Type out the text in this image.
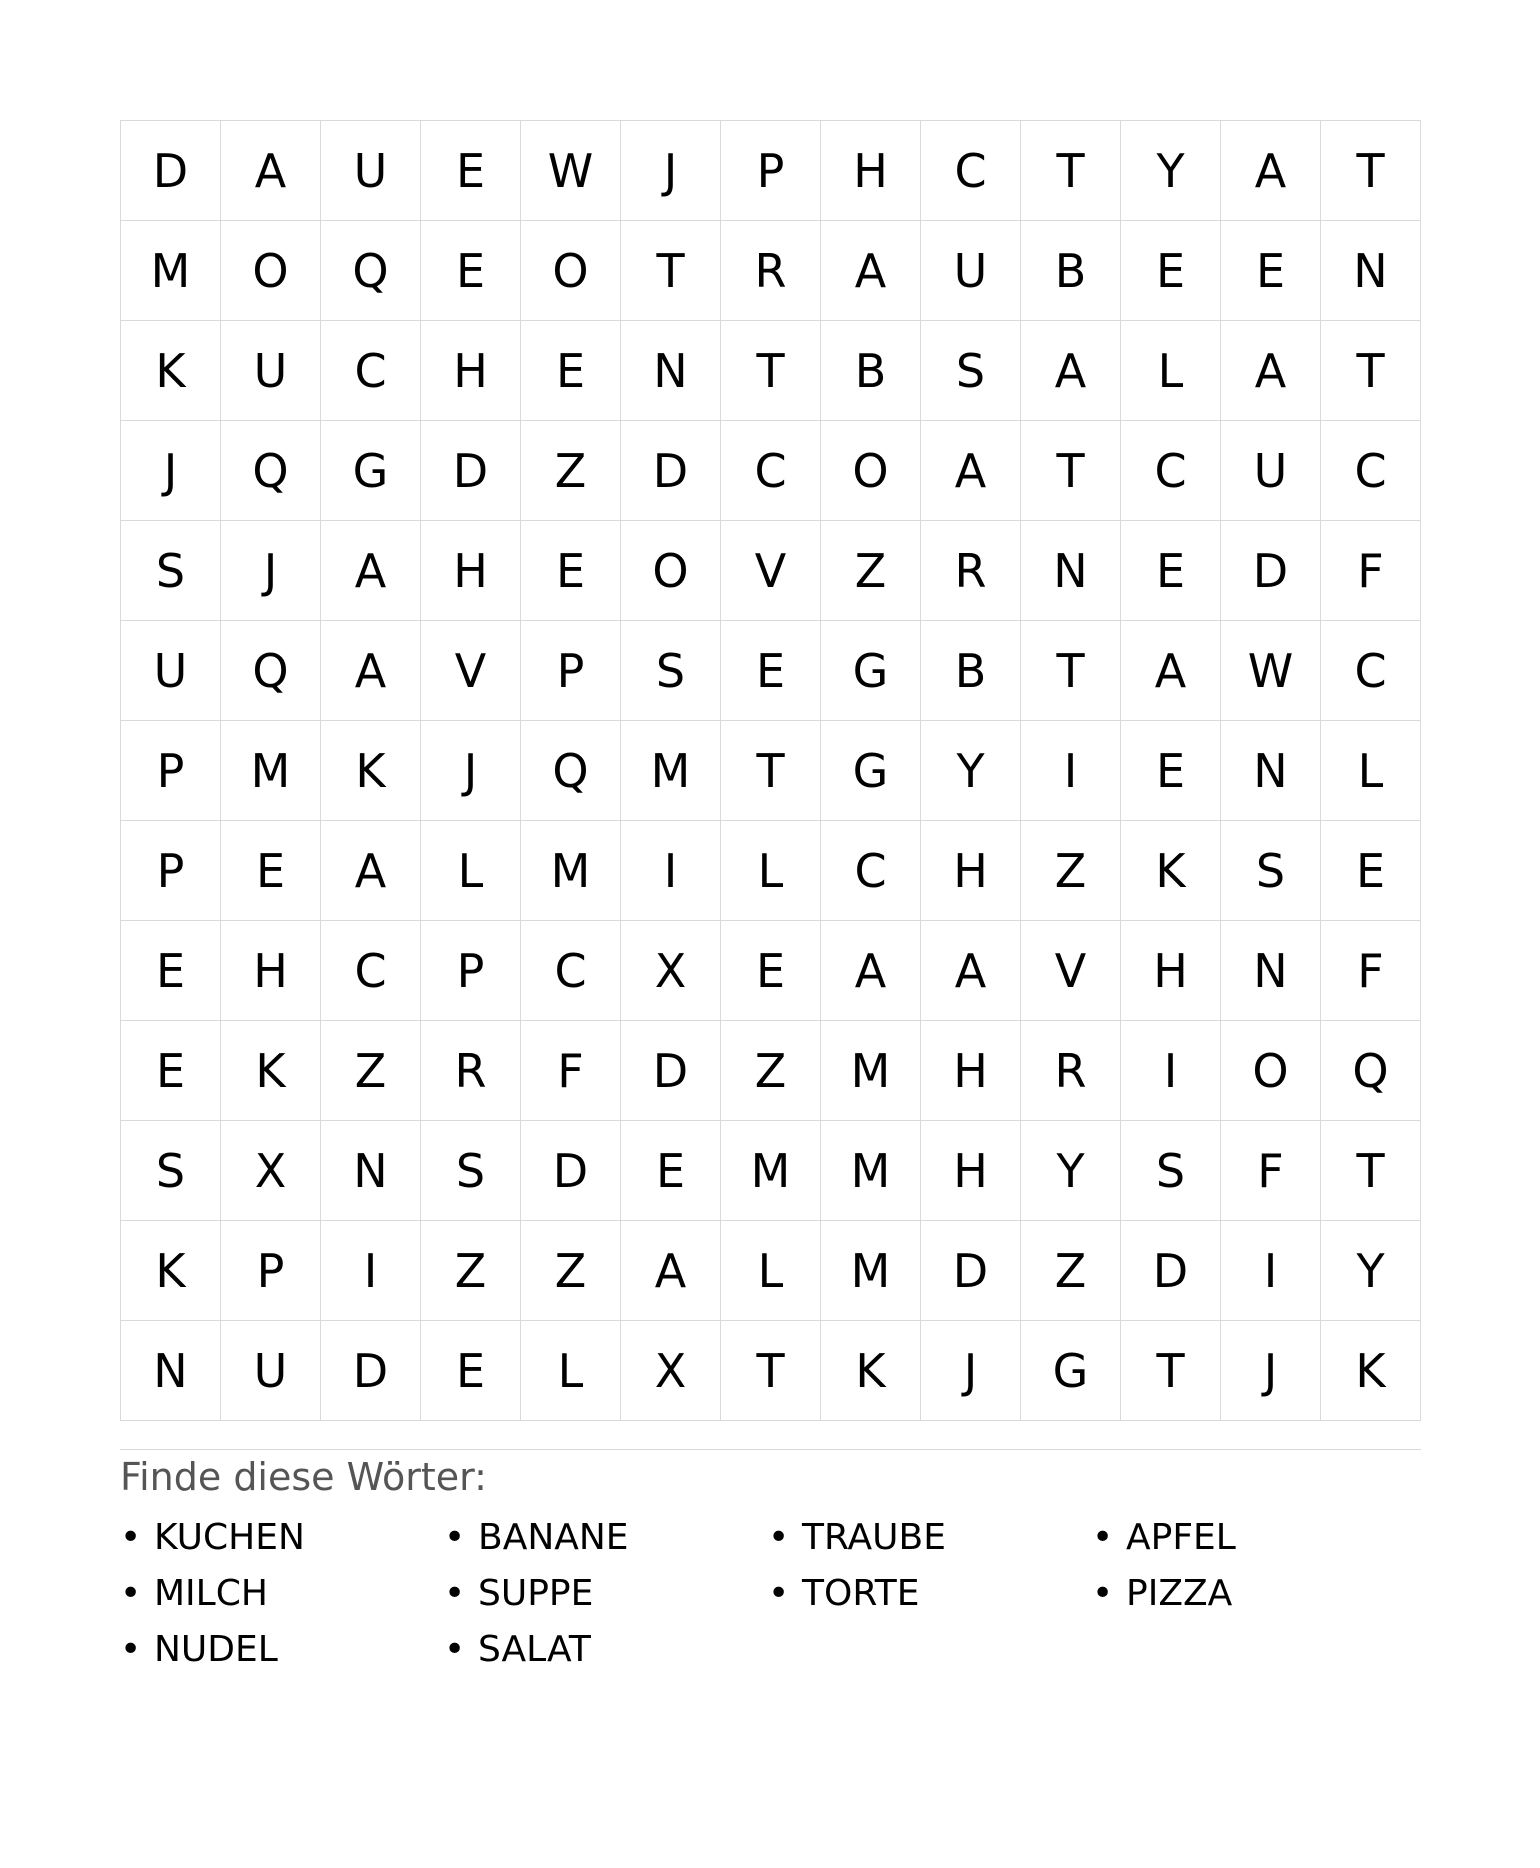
D	A	U	E	W	J	P	H	C	T	Y	A	T
M	O	Q	E	O	T	R	A	U	B	E	E	N
K	U	C	H	E	N	T	B	S	A	L	A	T
J	Q	G	D	Z	D	C	O	A	T	C	U	C
S	J	A	H	E	O	V	Z	R	N	E	D	F
U	Q	A	V	P	S	E	G	B	T	A	W	C
P	M	K	J	Q	M	T	G	Y	I	E	N	L
P	E	A	L	M	I	L	C	H	Z	K	S	E
E	H	C	P	C	X	E	A	A	V	H	N	F
E	K	Z	R	F	D	Z	M	H	R	I	O	Q
S	X	N	S	D	E	M	M	H	Y	S	F	T
K	P	I	Z	Z	A	L	M	D	Z	D	I	Y
N	U	D	E	L	X	T	K	J	G	T	J	K
Finde diese Wörter:
• KUCHEN	• BANANE	• TRAUBE	• APFEL
• MILCH	• SUPPE	• TORTE	• PIZZA
• NUDEL	• SALAT
